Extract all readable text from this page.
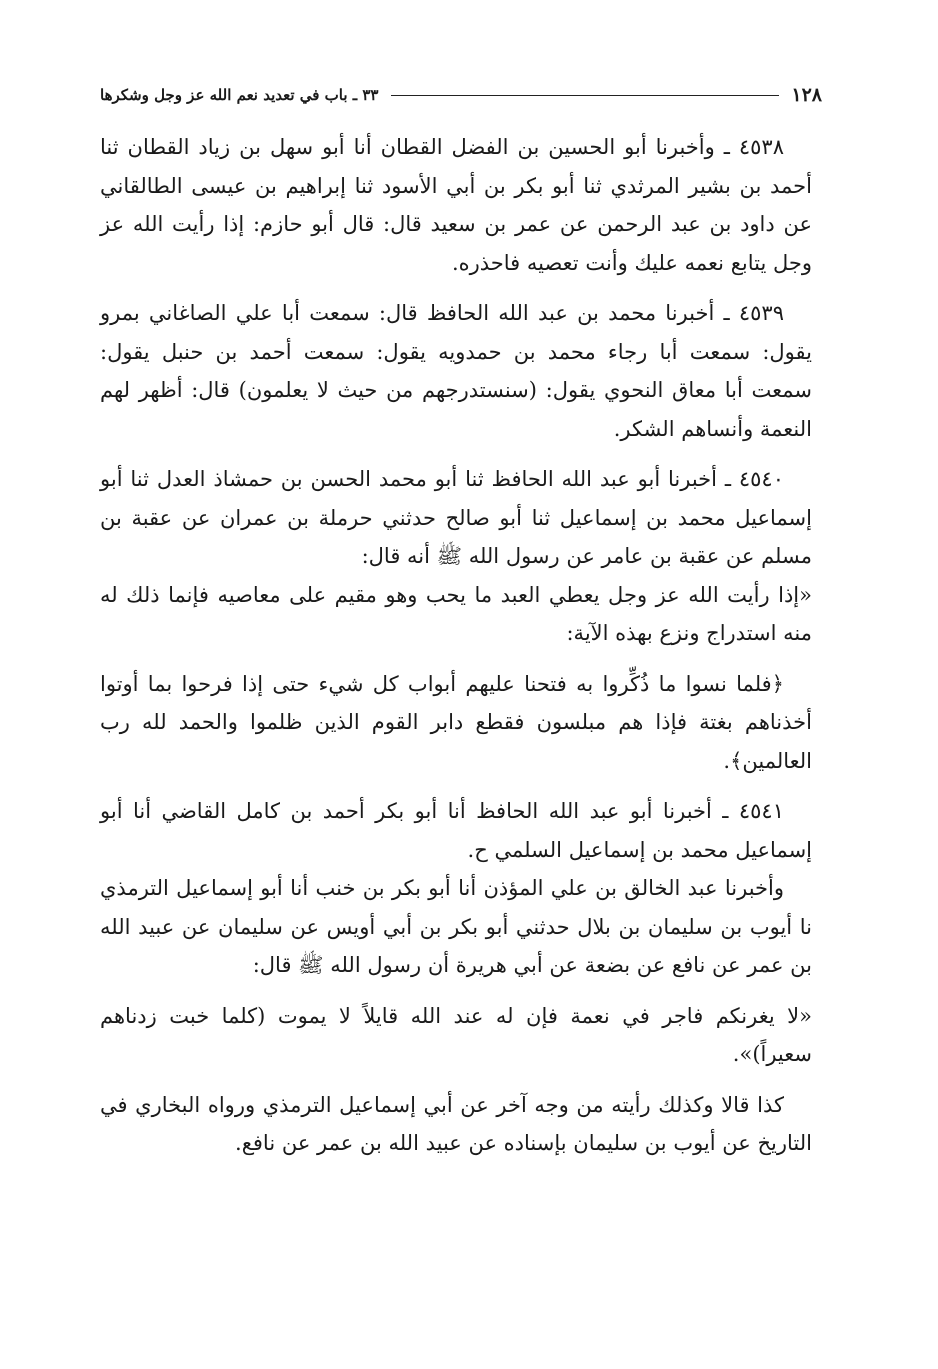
١٢٨
٣٣ ـ باب في تعديد نعم الله عز وجل وشكرها

٤٥٣٨ ـ وأخبرنا أبو الحسين بن الفضل القطان أنا أبو سهل بن زياد القطان ثنا أحمد بن بشير المرثدي ثنا أبو بكر بن أبي الأسود ثنا إبراهيم بن عيسى الطالقاني عن داود بن عبد الرحمن عن عمر بن سعيد قال: قال أبو حازم: إذا رأيت الله عز وجل يتابع نعمه عليك وأنت تعصيه فاحذره.

٤٥٣٩ ـ أخبرنا محمد بن عبد الله الحافظ قال: سمعت أبا علي الصاغاني بمرو يقول: سمعت أبا رجاء محمد بن حمدويه يقول: سمعت أحمد بن حنبل يقول: سمعت أبا معاق النحوي يقول: (سنستدرجهم من حيث لا يعلمون) قال: أظهر لهم النعمة وأنساهم الشكر.

٤٥٤٠ ـ أخبرنا أبو عبد الله الحافظ ثنا أبو محمد الحسن بن حمشاذ العدل ثنا أبو إسماعيل محمد بن إسماعيل ثنا أبو صالح حدثني حرملة بن عمران عن عقبة بن مسلم عن عقبة بن عامر عن رسول الله ﷺ أنه قال:

«إذا رأيت الله عز وجل يعطي العبد ما يحب وهو مقيم على معاصيه فإنما ذلك له منه استدراج ونزع بهذه الآية:

﴿فلما نسوا ما ذُكِّروا به فتحنا عليهم أبواب كل شيء حتى إذا فرحوا بما أوتوا أخذناهم بغتة فإذا هم مبلسون فقطع دابر القوم الذين ظلموا والحمد لله رب العالمين﴾.

٤٥٤١ ـ أخبرنا أبو عبد الله الحافظ أنا أبو بكر أحمد بن كامل القاضي أنا أبو إسماعيل محمد بن إسماعيل السلمي ح.

وأخبرنا عبد الخالق بن علي المؤذن أنا أبو بكر بن خنب أنا أبو إسماعيل الترمذي نا أيوب بن سليمان بن بلال حدثني أبو بكر بن أبي أويس عن سليمان عن عبيد الله بن عمر عن نافع عن بضعة عن أبي هريرة أن رسول الله ﷺ قال:

«لا يغرنكم فاجر في نعمة فإن له عند الله قايلاً لا يموت (كلما خبت زدناهم سعيراً)».

كذا قالا وكذلك رأيته من وجه آخر عن أبي إسماعيل الترمذي ورواه البخاري في التاريخ عن أيوب بن سليمان بإسناده عن عبيد الله بن عمر عن نافع.
